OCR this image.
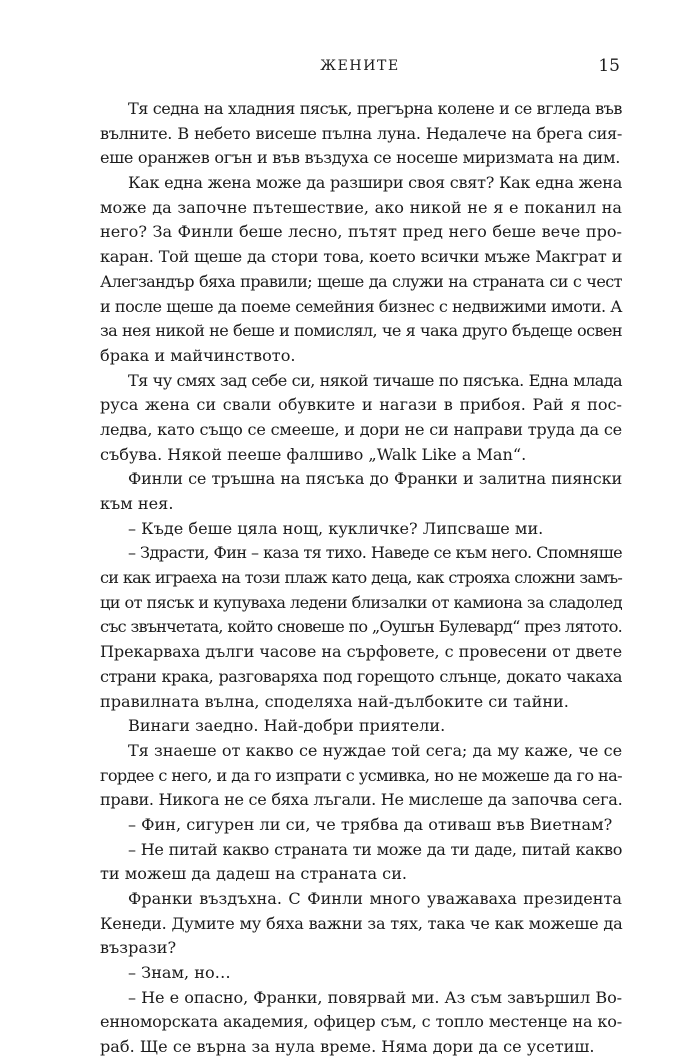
ЖЕНИТЕ	15
Тя седна на хладния пясък, прегърна колене и се вгледа във
вълните. В небето висеше пълна луна. Недалече на брега сия-
еше оранжев огън и във въздуха се носеше миризмата на дим.
Как една жена може да разшири своя свят? Как една жена
може да започне пътешествие, ако никой не я е поканил на
него? За Финли беше лесно, пътят пред него беше вече про-
каран. Той щеше да стори това, което всички мъже Макграт и
Алегзандър бяха правили; щеше да служи на страната си с чест
и после щеше да поеме семейния бизнес с недвижими имоти. А
за нея никой не беше и помислял, че я чака друго бъдеще освен
брака и майчинството.
Тя чу смях зад себе си, някой тичаше по пясъка. Една млада
руса жена си свали обувките и нагази в прибоя. Рай я пос-
ледва, като също се смееше, и дори не си направи труда да се
събува. Някой пееше фалшиво „Walk Like a Man“.
Финли се тръшна на пясъка до Франки и залитна пиянски
към нея.
– Къде беше цяла нощ, кукличке? Липсваше ми.
– Здрасти, Фин – каза тя тихо. Наведе се към него. Спомняше
си как играеха на този плаж като деца, как строяха сложни замъ-
ци от пясък и купуваха ледени близалки от камиона за сладолед
със звънчетата, който сновеше по „Оушън Булевард“ през лятото.
Прекарваха дълги часове на сърфовете, с провесени от двете
страни крака, разговаряха под горещото слънце, докато чакаха
правилната вълна, споделяха най-дълбоките си тайни.
Винаги заедно. Най-добри приятели.
Тя знаеше от какво се нуждае той сега; да му каже, че се
гордее с него, и да го изпрати с усмивка, но не можеше да го на-
прави. Никога не се бяха лъгали. Не мислеше да започва сега.
– Фин, сигурен ли си, че трябва да отиваш във Виетнам?
– Не питай какво страната ти може да ти даде, питай какво
ти можеш да дадеш на страната си.
Франки въздъхна. С Финли много уважаваха президента
Кенеди. Думите му бяха важни за тях, така че как можеше да
възрази?
– Знам, но…
– Не е опасно, Франки, повярвай ми. Аз съм завършил Во-
енноморската академия, офицер съм, с топло местенце на ко-
раб. Ще се върна за нула време. Няма дори да се усетиш.
